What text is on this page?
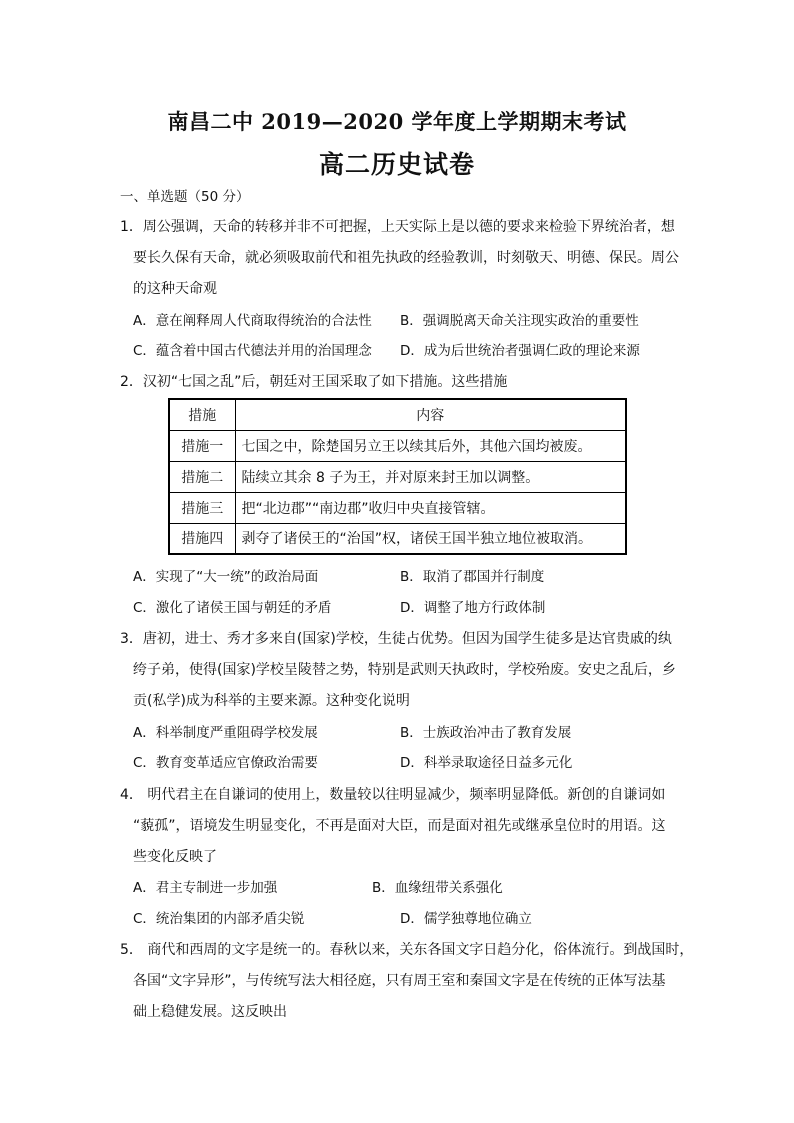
南昌二中 2019—2020 学年度上学期期末考试
高二历史试卷
一、单选题（50 分）
1．周公强调，天命的转移并非不可把握，上天实际上是以德的要求来检验下界统治者，想
要长久保有天命，就必须吸取前代和祖先执政的经验教训，时刻敬天、明德、保民。周公
的这种天命观
A．意在阐释周人代商取得统治的合法性 B．强调脱离天命关注现实政治的重要性
C．蕴含着中国古代德法并用的治国理念 D．成为后世统治者强调仁政的理论来源
2．汉初“七国之乱”后，朝廷对王国采取了如下措施。这些措施
措施	内容
措施一	七国之中，除楚国另立王以续其后外，其他六国均被废。
措施二	陆续立其余 8 子为王，并对原来封王加以调整。
措施三	把“北边郡”“南边郡”收归中央直接管辖。
措施四	剥夺了诸侯王的“治国”权，诸侯王国半独立地位被取消。
A．实现了“大一统”的政治局面	B．取消了郡国并行制度
C．激化了诸侯王国与朝廷的矛盾	D．调整了地方行政体制
3．唐初，进士、秀才多来自(国家)学校，生徒占优势。但因为国学生徒多是达官贵戚的纨
绔子弟，使得(国家)学校呈陵替之势，特别是武则天执政时，学校殆废。安史之乱后，乡
贡(私学)成为科举的主要来源。这种变化说明
A．科举制度严重阻碍学校发展	B．士族政治冲击了教育发展
C．教育变革适应官僚政治需要	D．科举录取途径日益多元化
4． 明代君主在自谦词的使用上，数量较以往明显减少，频率明显降低。新创的自谦词如
“藐孤”，语境发生明显变化，不再是面对大臣，而是面对祖先或继承皇位时的用语。这
些变化反映了
A．君主专制进一步加强	B．血缘纽带关系强化
C．统治集团的内部矛盾尖锐	D．儒学独尊地位确立
5． 商代和西周的文字是统一的。春秋以来，关东各国文字日趋分化，俗体流行。到战国时，
各国“文字异形”，与传统写法大相径庭，只有周王室和秦国文字是在传统的正体写法基
础上稳健发展。这反映出
